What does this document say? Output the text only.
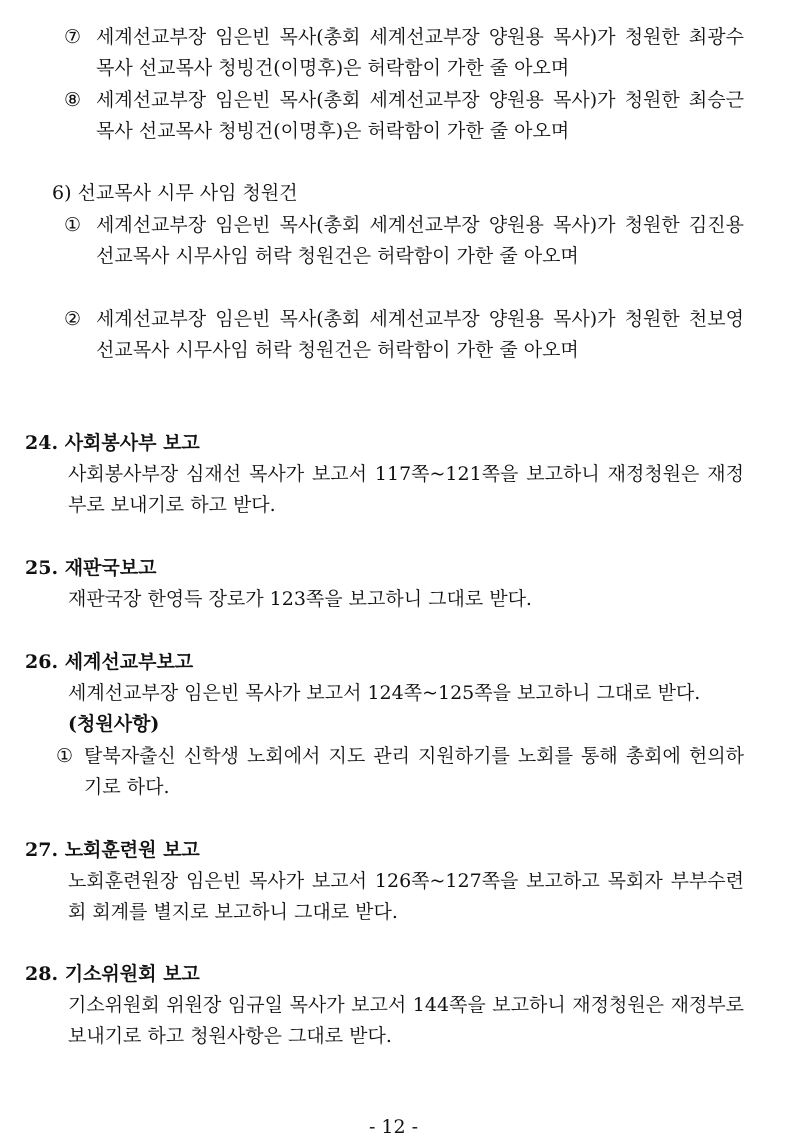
⑦ 세계선교부장 임은빈 목사(총회 세계선교부장 양원용 목사)가 청원한 최광수 목사 선교목사 청빙건(이명후)은 허락함이 가한 줄 아오며
⑧ 세계선교부장 임은빈 목사(총회 세계선교부장 양원용 목사)가 청원한 최승근 목사 선교목사 청빙건(이명후)은 허락함이 가한 줄 아오며
6) 선교목사 시무 사임 청원건
① 세계선교부장 임은빈 목사(총회 세계선교부장 양원용 목사)가 청원한 김진용 선교목사 시무사임 허락 청원건은 허락함이 가한 줄 아오며
② 세계선교부장 임은빈 목사(총회 세계선교부장 양원용 목사)가 청원한 천보영 선교목사 시무사임 허락 청원건은 허락함이 가한 줄 아오며
24. 사회봉사부 보고
사회봉사부장 심재선 목사가 보고서 117쪽~121쪽을 보고하니 재정청원은 재정부로 보내기로 하고 받다.
25. 재판국보고
재판국장 한영득 장로가 123쪽을 보고하니 그대로 받다.
26. 세계선교부보고
세계선교부장 임은빈 목사가 보고서 124쪽~125쪽을 보고하니 그대로 받다.
(청원사항)
① 탈북자출신 신학생 노회에서 지도 관리 지원하기를 노회를 통해 총회에 헌의하기로 하다.
27. 노회훈련원 보고
노회훈련원장 임은빈 목사가 보고서 126쪽~127쪽을 보고하고 목회자 부부수련회 회계를 별지로 보고하니 그대로 받다.
28. 기소위원회 보고
기소위원회 위원장 임규일 목사가 보고서 144쪽을 보고하니 재정청원은 재정부로 보내기로 하고 청원사항은 그대로 받다.
- 12 -
